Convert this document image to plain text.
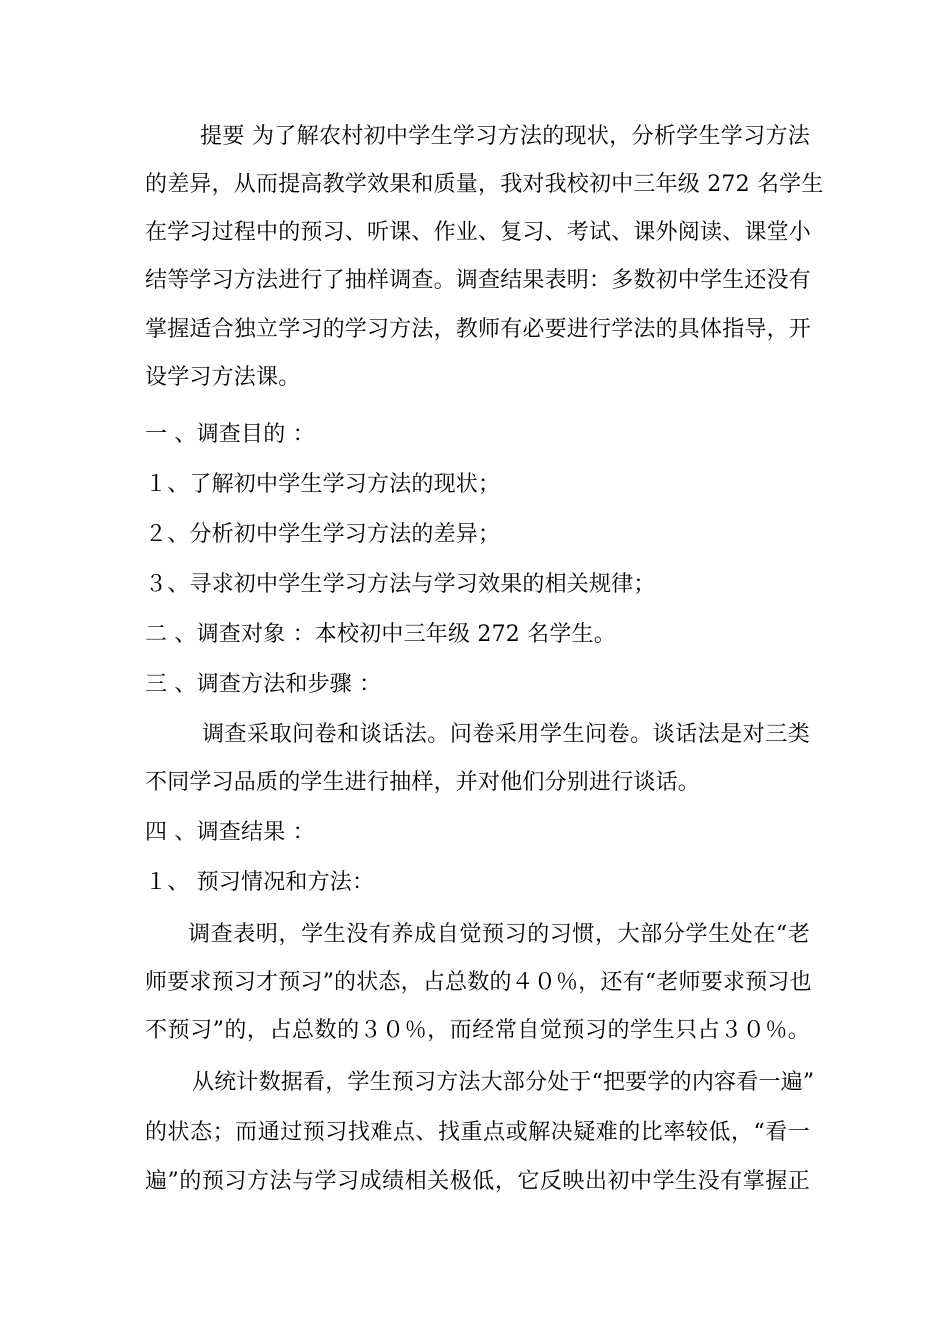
提要 为了解农村初中学生学习方法的现状，分析学生学习方法
的差异，从而提高教学效果和质量，我对我校初中三年级 272 名学生
在学习过程中的预习、听课、作业、复习、考试、课外阅读、课堂小
结等学习方法进行了抽样调查。调查结果表明：多数初中学生还没有
掌握适合独立学习的学习方法，教师有必要进行学法的具体指导，开
设学习方法课。
一 、调查目的 ：
１、了解初中学生学习方法的现状；
２、分析初中学生学习方法的差异；
３、寻求初中学生学习方法与学习效果的相关规律；
二 、调查对象 ：本校初中三年级 272 名学生。
三 、调查方法和步骤 ：
调查采取问卷和谈话法。问卷采用学生问卷。谈话法是对三类
不同学习品质的学生进行抽样，并对他们分别进行谈话。
四 、调查结果 ：
１、 预习情况和方法：
调查表明，学生没有养成自觉预习的习惯，大部分学生处在“老
师要求预习才预习”的状态，占总数的４０％，还有“老师要求预习也
不预习”的，占总数的３０％，而经常自觉预习的学生只占３０％。
从统计数据看，学生预习方法大部分处于“把要学的内容看一遍”
的状态；而通过预习找难点、找重点或解决疑难的比率较低，“看一
遍”的预习方法与学习成绩相关极低，它反映出初中学生没有掌握正
